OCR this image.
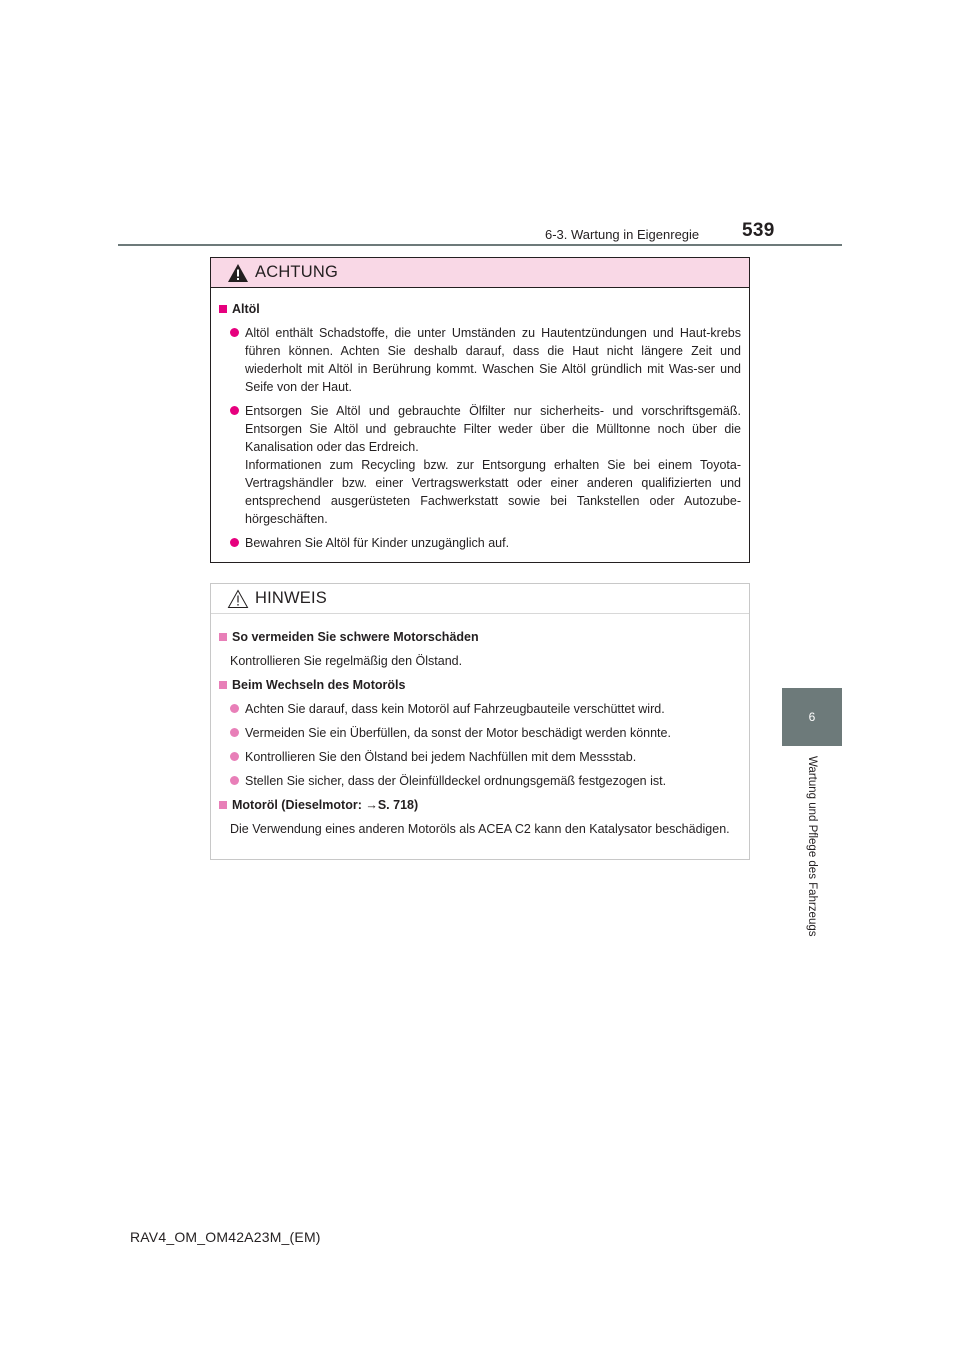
6-3. Wartung in Eigenregie 539
6
Wartung und Pflege des Fahrzeugs
ACHTUNG
Altöl

Altöl enthält Schadstoffe, die unter Umständen zu Hautentzündungen und Haut-krebs führen können. Achten Sie deshalb darauf, dass die Haut nicht längere Zeit und wiederholt mit Altöl in Berührung kommt. Waschen Sie Altöl gründlich mit Was-ser und Seife von der Haut.

Entsorgen Sie Altöl und gebrauchte Ölfilter nur sicherheits- und vorschriftsgemäß. Entsorgen Sie Altöl und gebrauchte Filter weder über die Mülltonne noch über die Kanalisation oder das Erdreich.

Informationen zum Recycling bzw. zur Entsorgung erhalten Sie bei einem Toyota-Vertragshändler bzw. einer Vertragswerkstatt oder einer anderen qualifizierten und entsprechend ausgerüsteten Fachwerkstatt sowie bei Tankstellen oder Autozube-hörgeschäften.

Bewahren Sie Altöl für Kinder unzugänglich auf.

HINWEIS
So vermeiden Sie schwere Motorschäden
Kontrollieren Sie regelmäßig den Ölstand.
Beim Wechseln des Motoröls
Achten Sie darauf, dass kein Motoröl auf Fahrzeugbauteile verschüttet wird.
Vermeiden Sie ein Überfüllen, da sonst der Motor beschädigt werden könnte.
Kontrollieren Sie den Ölstand bei jedem Nachfüllen mit dem Messstab.
Stellen Sie sicher, dass der Öleinfülldeckel ordnungsgemäß festgezogen ist.
Motoröl (Dieselmotor: →S. 718)
Die Verwendung eines anderen Motoröls als ACEA C2 kann den Katalysator beschädigen.
RAV4_OM_OM42A23M_(EM)
